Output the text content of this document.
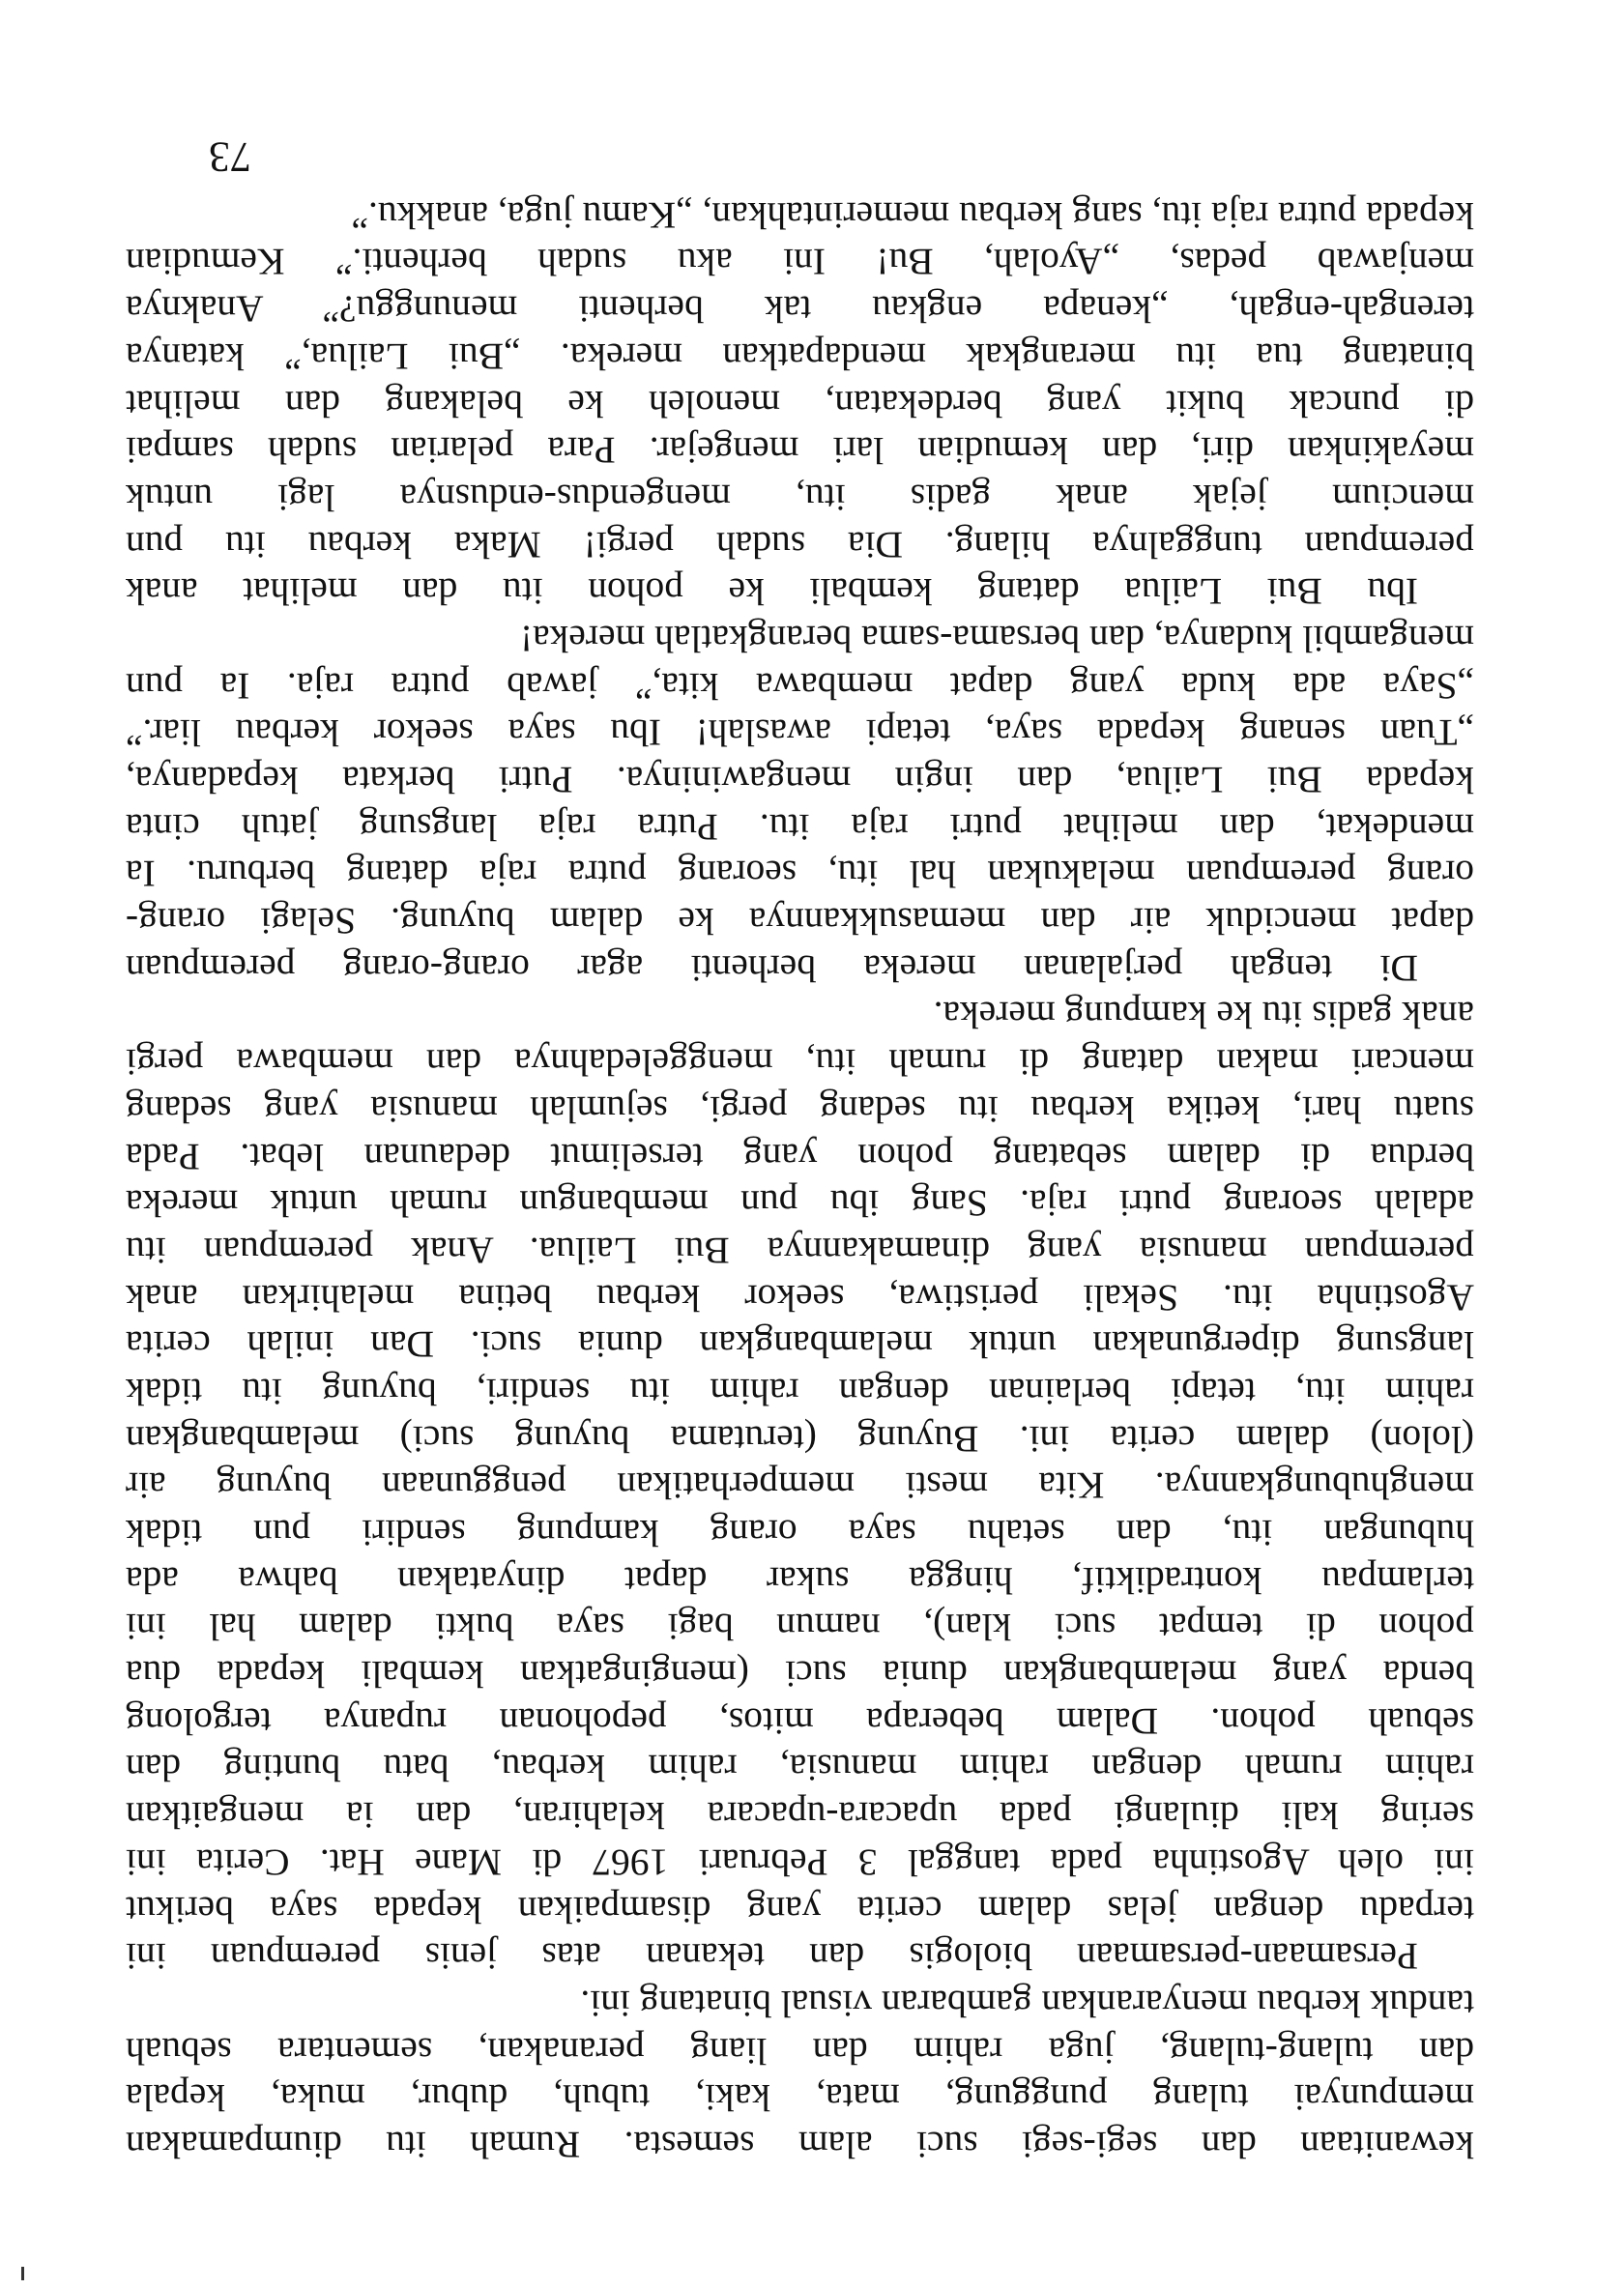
kewanitaan dan segi-segi suci alam semesta. Rumah itu diumpamakan
mempunyai tulang punggung, mata, kaki, tubuh, dubur, muka, kepala
dan tulang-tulang, juga rahim dan liang peranakan, sementara sebuah
tanduk kerbau menyarankan gambaran visual binatang ini.
Persamaan-persamaan biologis dan tekanan atas jenis perempuan ini
terpadu dengan jelas dalam cerita yang disampaikan kepada saya berikut
ini oleh Agostinha pada tanggal 3 Pebruari 1967 di Mane Hat. Cerita ini
sering kali diulangi pada upacara-upacara kelahiran, dan ia mengaitkan
rahim rumah dengan rahim manusia, rahim kerbau, batu bunting dan
sebuah pohon. Dalam beberapa mitos, pepohonan rupanya tergolong
benda yang melambangkan dunia suci (mengingatkan kembali kepada dua
pohon di tempat suci klan), namun bagi saya bukti dalam hal ini
terlampau kontradiktif, hingga sukar dapat dinyatakan bahwa ada
hubungan itu, dan setahu saya orang kampung sendiri pun tidak
menghubungkannya. Kita mesti memperhatikan penggunaan buyung air
(lolon) dalam cerita ini. Buyung (terutama buyung suci) melambangkan
rahim itu, tetapi berlainan dengan rahim itu sendiri, buyung itu tidak
langsung dipergunakan untuk melambangkan dunia suci. Dan inilah cerita
Agostinha itu. Sekali peristiwa, seekor kerbau betina melahirkan anak
perempuan manusia yang dinamakannya Bui Lailua. Anak perempuan itu
adalah seorang putri raja. Sang ibu pun membangun rumah untuk mereka
berdua di dalam sebatang pohon yang terselimut dedaunan lebat. Pada
suatu hari, ketika kerbau itu sedang pergi, sejumlah manusia yang sedang
mencari makan datang di rumah itu, menggeledahnya dan membawa pergi
anak gadis itu ke kampung mereka.
Di tengah perjalanan mereka berhenti agar orang-orang perempuan
dapat menciduk air dan memasukkannya ke dalam buyung. Selagi orang-
orang perempuan melakukan hal itu, seorang putra raja datang berburu. Ia
mendekat, dan melihat putri raja itu. Putra raja langsung jatuh cinta
kepada Bui Lailua, dan ingin mengawininya. Putri berkata kepadanya,
„Tuan senang kepada saya, tetapi awaslah! Ibu saya seekor kerbau liar.”
„Saya ada kuda yang dapat membawa kita,” jawab putra raja. Ia pun
mengambil kudanya, dan bersama-sama berangkatlah mereka!
Ibu Bui Lailua datang kembali ke pohon itu dan melihat anak
perempuan tunggalnya hilang. Dia sudah pergi! Maka kerbau itu pun
mencium jejak anak gadis itu, mengendus-endusnya lagi untuk
meyakinkan diri, dan kemudian lari mengejar. Para pelarian sudah sampai
di puncak bukit yang berdekatan, menoleh ke belakang dan melihat
binatang tua itu merangkak mendapatkan mereka. „Bui Lailua,” katanya
terengah-engah, „kenapa engkau tak berhenti menunggu?” Anaknya
menjawab pedas, „Ayolah, Bu! Ini aku sudah berhenti.” Kemudian
kepada putra raja itu, sang kerbau memerintahkan, „Kamu juga, anakku.”
73
